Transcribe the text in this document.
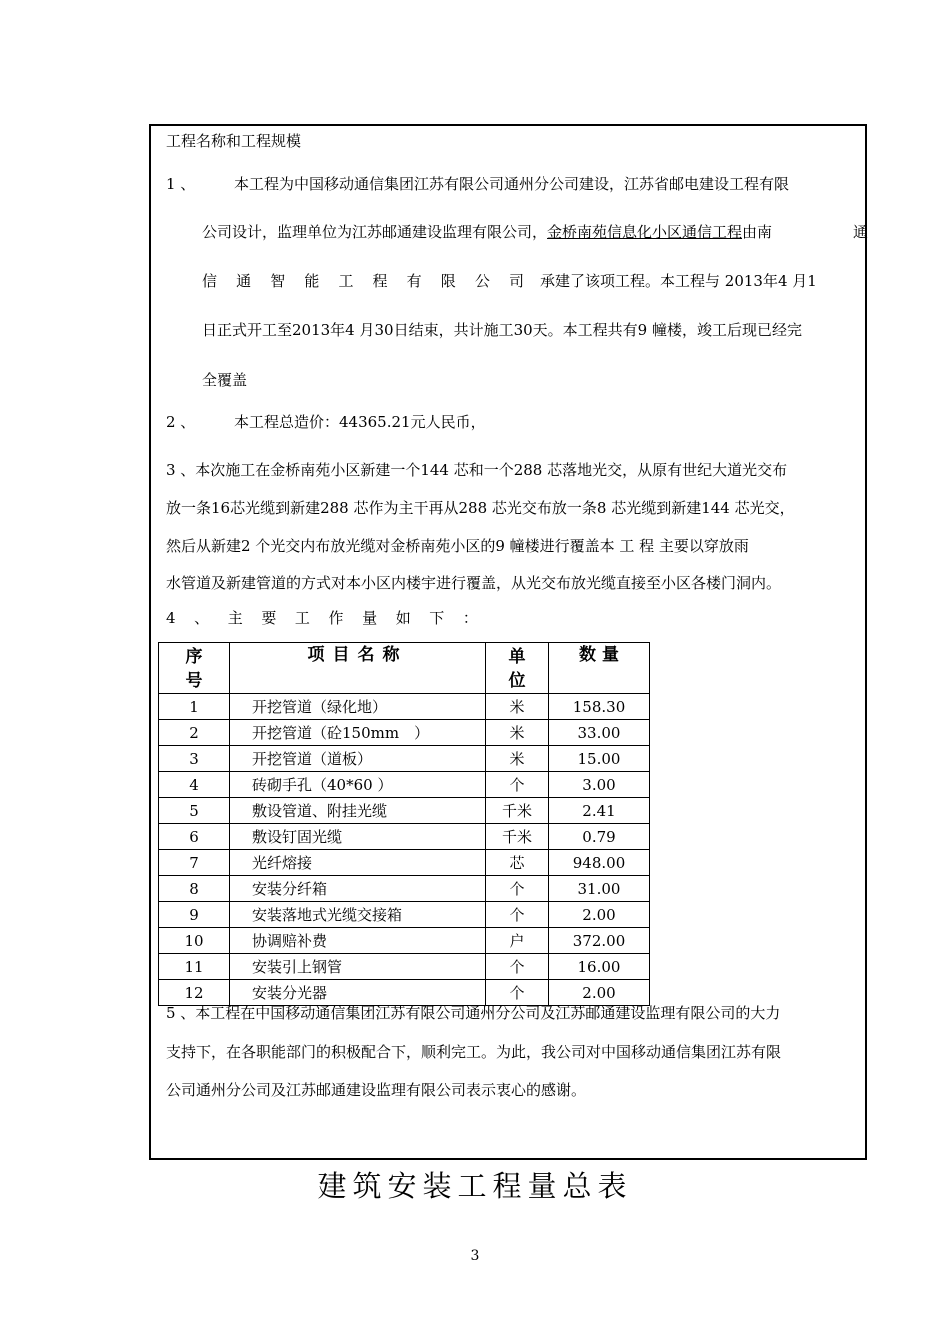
工程名称和工程规模
1 、	本工程为中国移动通信集团江苏有限公司通州分公司建设，江苏省邮电建设工程有限
公司设计，监理单位为江苏邮通建设监理有限公司，金桥南苑信息化小区通信工程由南	通
信 通 智 能 工 程 有 限 公 司 承建了该项工程。本工程与 2013年4 月1
日正式开工至2013年4 月30日结束，共计施工30天。本工程共有9 幢楼，竣工后现已经完
全覆盖
2 、	本工程总造价：44365.21元人民币，
3 、本次施工在金桥南苑小区新建一个144 芯和一个288 芯落地光交，从原有世纪大道光交布
放一条16芯光缆到新建288 芯作为主干再从288 芯光交布放一条8 芯光缆到新建144 芯光交，
然后从新建2 个光交内布放光缆对金桥南苑小区的9 幢楼进行覆盖本 工 程 主要以穿放雨
水管道及新建管道的方式对本小区内楼宇进行覆盖，从光交布放光缆直接至小区各楼门洞内。
4 、 主 要 工 作 量 如 下 ：
序号	项目名称	单位	数 量
1	开挖管道（绿化地）	米	158.30
2	开挖管道（砼150mm　）	米	33.00
3	开挖管道（道板）	米	15.00
4	砖砌手孔（40*60 ）	个	3.00
5	敷设管道、附挂光缆	千米	2.41
6	敷设钉固光缆	千米	0.79
7	光纤熔接	芯	948.00
8	安装分纤箱	个	31.00
9	安装落地式光缆交接箱	个	2.00
10	协调赔补费	户	372.00
11	安装引上钢管	个	16.00
12	安装分光器	个	2.00
5 、本工程在中国移动通信集团江苏有限公司通州分公司及江苏邮通建设监理有限公司的大力
支持下，在各职能部门的积极配合下，顺利完工。为此，我公司对中国移动通信集团江苏有限
公司通州分公司及江苏邮通建设监理有限公司表示衷心的感谢。
建筑安装工程量总表
3
